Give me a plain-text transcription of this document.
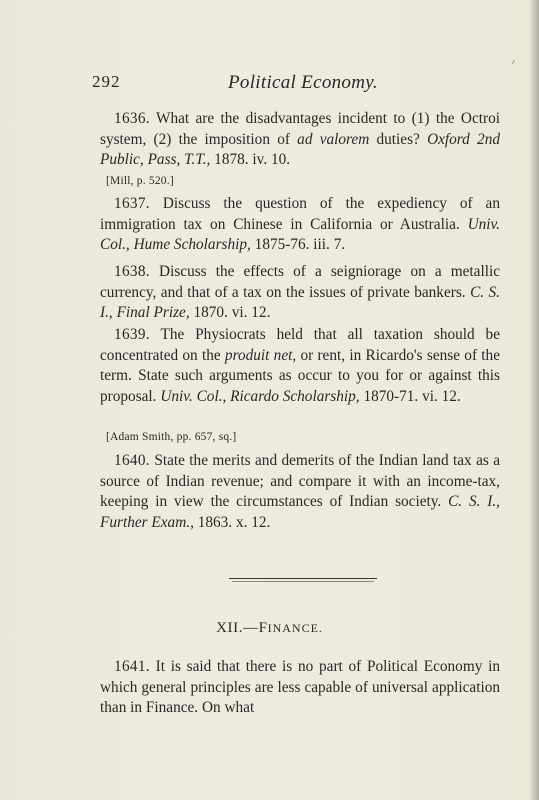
292	Political Economy.
1636. What are the disadvantages incident to (1) the Octroi system, (2) the imposition of ad valorem duties? Oxford 2nd Public, Pass, T.T., 1878. iv. 10.
[Mill, p. 520.]
1637. Discuss the question of the expediency of an immigration tax on Chinese in California or Australia. Univ. Col., Hume Scholarship, 1875-76. iii. 7.
1638. Discuss the effects of a seigniorage on a metallic currency, and that of a tax on the issues of private bankers. C. S. I., Final Prize, 1870. vi. 12.
1639. The Physiocrats held that all taxation should be concentrated on the produit net, or rent, in Ricardo's sense of the term. State such arguments as occur to you for or against this proposal. Univ. Col., Ricardo Scholarship, 1870-71. vi. 12.
[Adam Smith, pp. 657, sq.]
1640. State the merits and demerits of the Indian land tax as a source of Indian revenue; and compare it with an income-tax, keeping in view the circumstances of Indian society. C. S. I., Further Exam., 1863. x. 12.
XII.—FINANCE.
1641. It is said that there is no part of Political Economy in which general principles are less capable of universal application than in Finance. On what
